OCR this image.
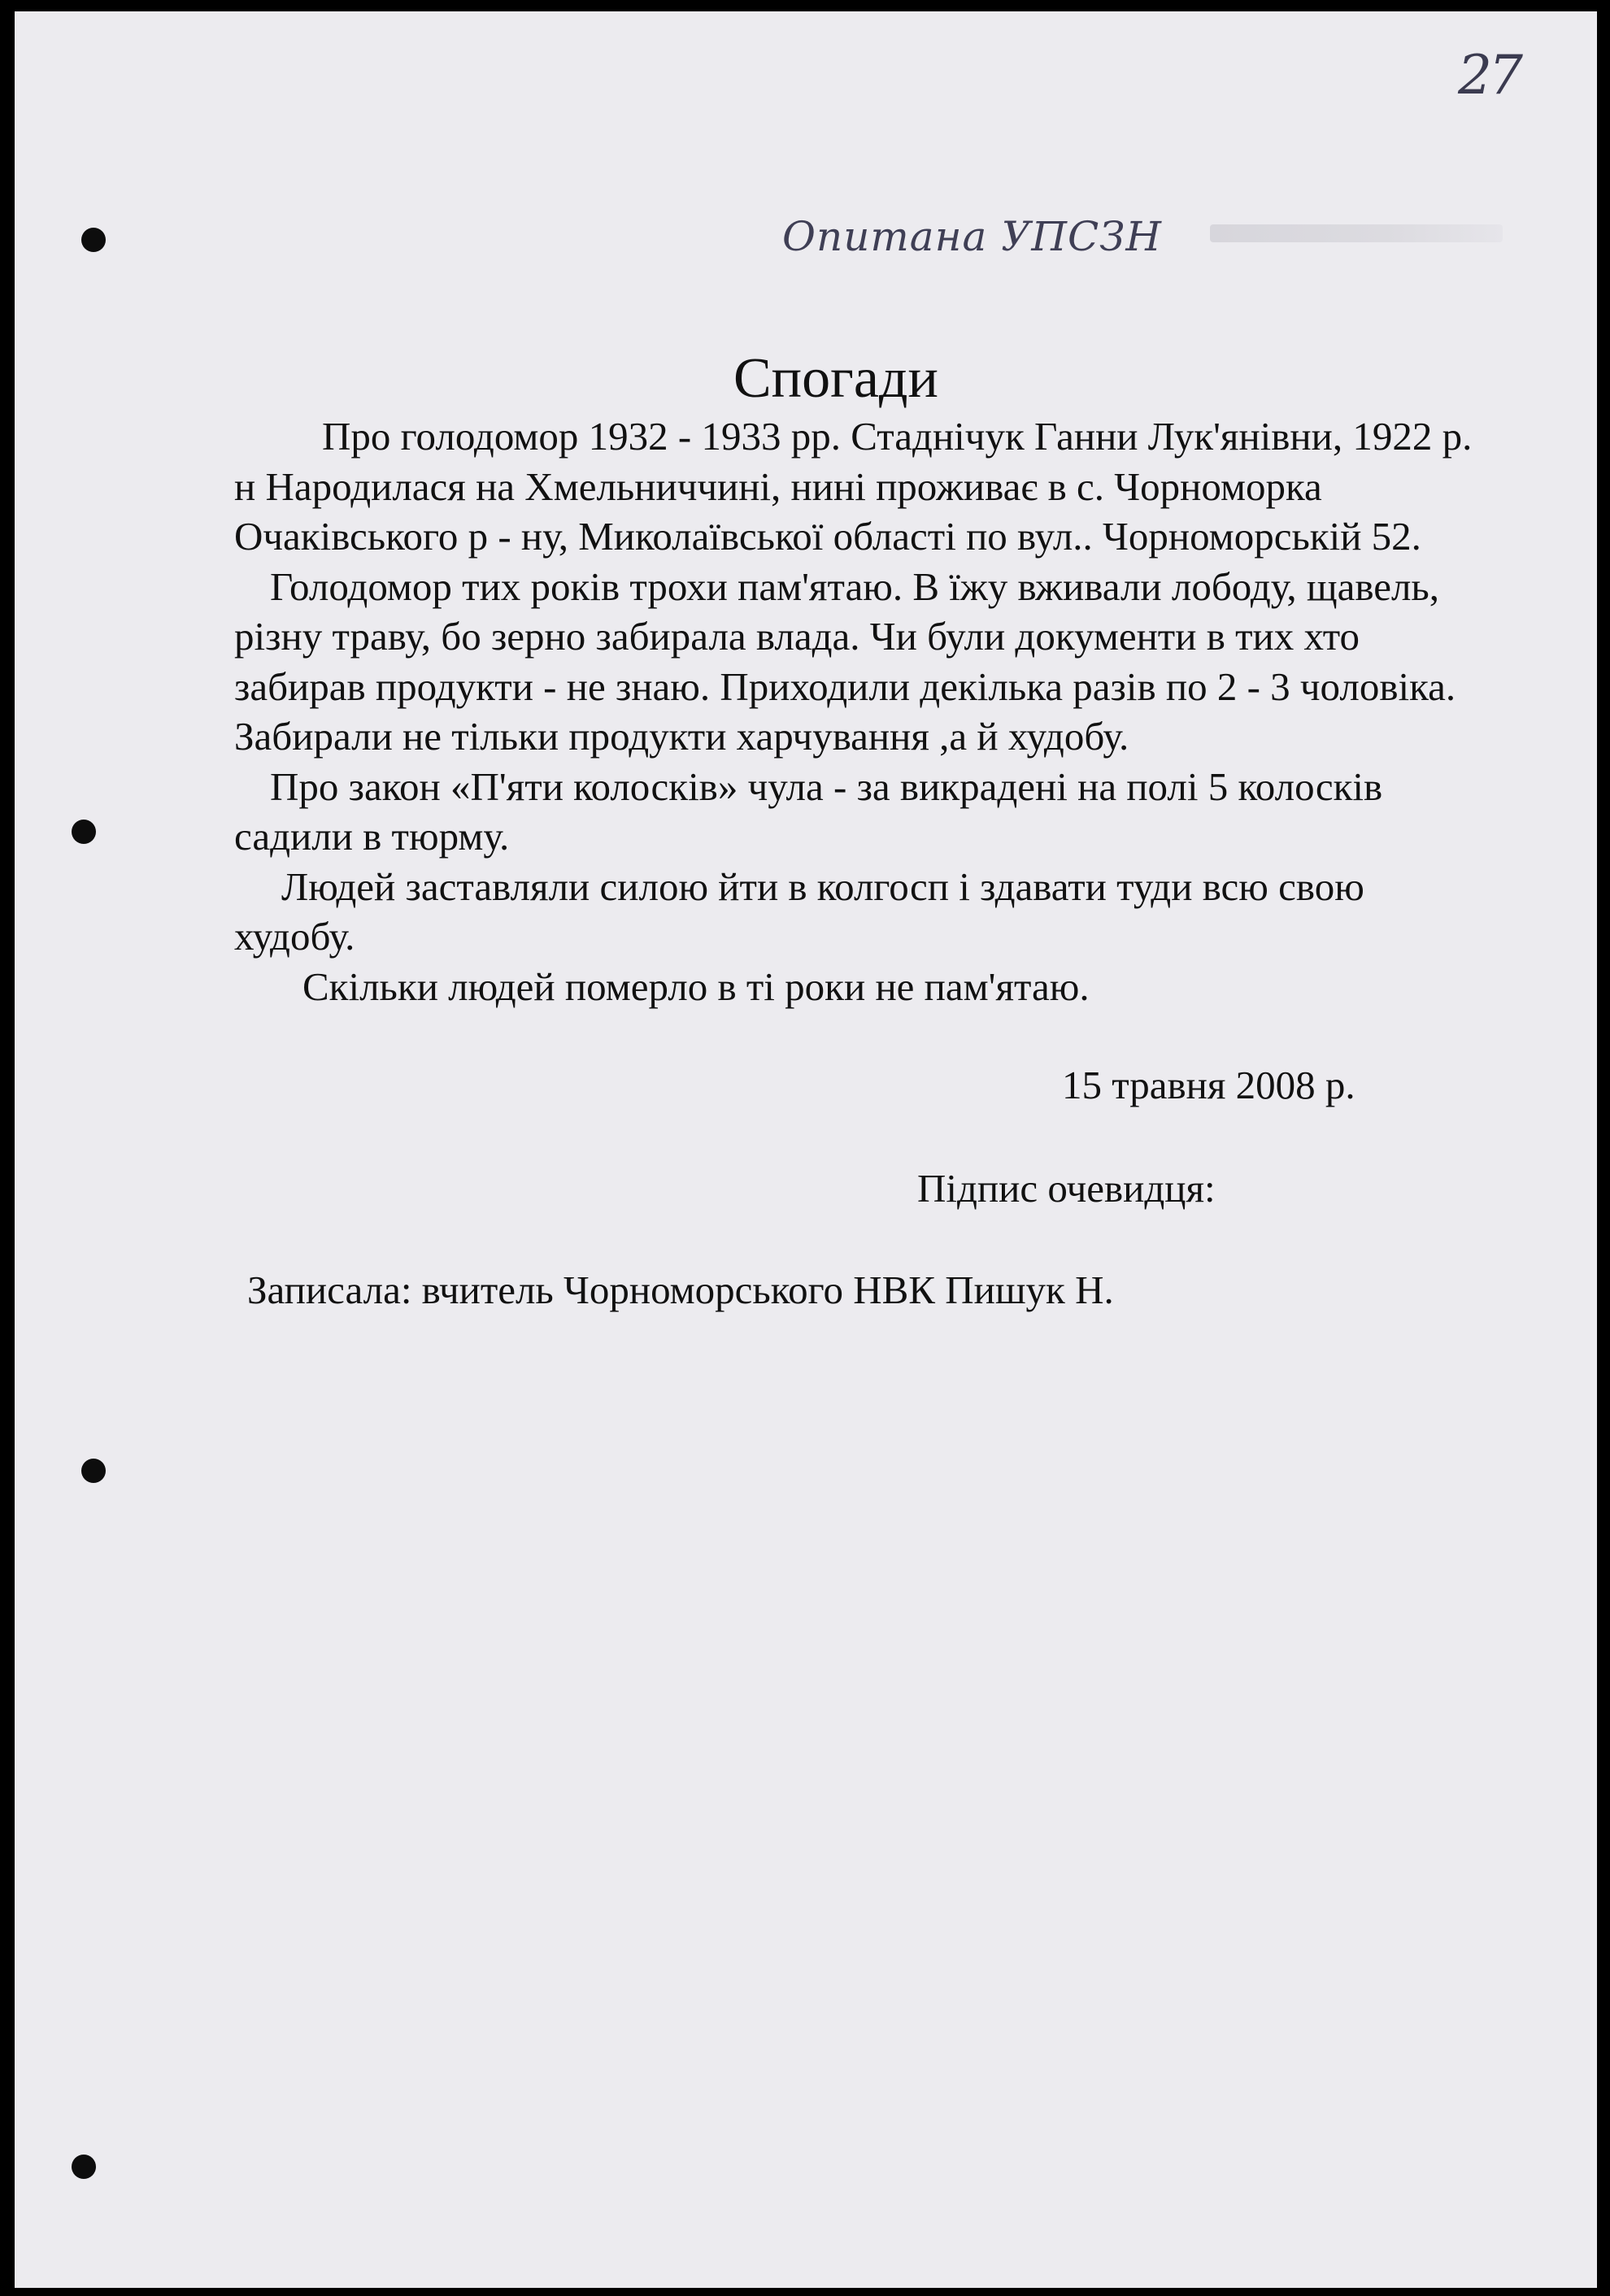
27
Опитана УПСЗН
Спогади

Про голодомор 1932 - 1933 рр. Стаднічук Ганни Лук'янівни, 1922 р. н Народилася на Хмельниччині, нині проживає в с. Чорноморка Очаківського р - ну, Миколаївської області по вул.. Чорноморській 52.

Голодомор тих років трохи пам'ятаю. В їжу вживали лободу, щавель, різну траву, бо зерно забирала влада. Чи були документи в тих хто забирав продукти - не знаю. Приходили декілька разів по 2 - 3 чоловіка. Забирали не тільки продукти харчування ,а й худобу.

Про закон «П'яти колосків» чула - за викрадені на полі 5 колосків садили в тюрму.

Людей заставляли силою йти в колгосп і здавати туди всю свою худобу.

Скільки людей померло в ті роки не пам'ятаю.

15 травня 2008 р.
Підпис очевидця:
Записала: вчитель Чорноморського НВК Пишук Н.
